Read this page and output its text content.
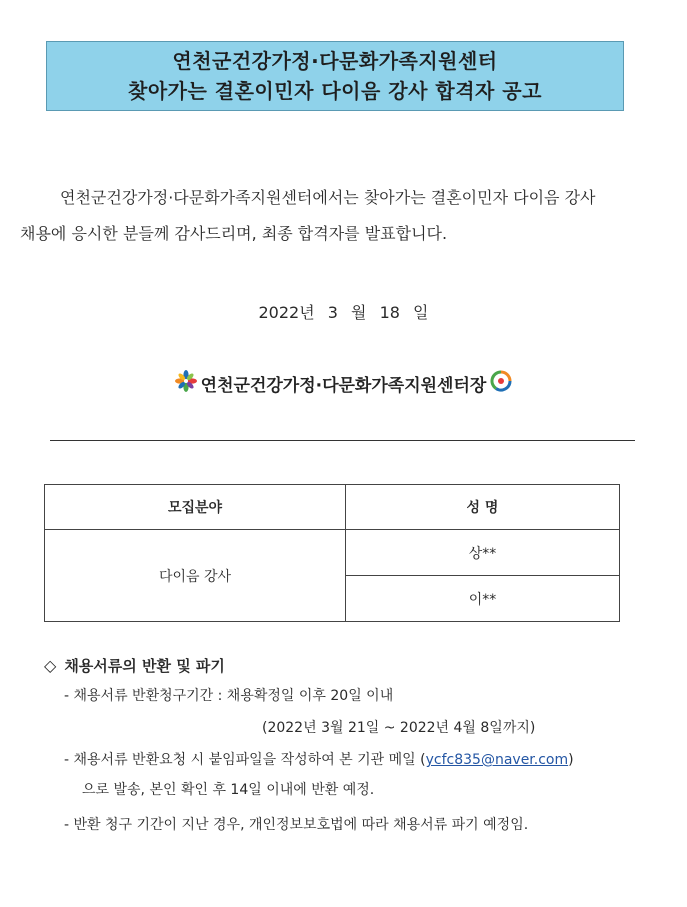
연천군건강가정·다문화가족지원센터
찾아가는 결혼이민자 다이음 강사 합격자 공고
연천군건강가정·다문화가족지원센터에서는 찾아가는 결혼이민자 다이음 강사
채용에 응시한 분들께 감사드리며, 최종 합격자를 발표합니다.
2022년 3 월 18 일
연천군건강가정·다문화가족지원센터장
모집분야	성 명
다이음 강사	상**
	이**
◇ 채용서류의 반환 및 파기
- 채용서류 반환청구기간 : 채용확정일 이후 20일 이내
(2022년 3월 21일 ~ 2022년 4월 8일까지)
- 채용서류 반환요청 시 붙임파일을 작성하여 본 기관 메일 (ycfc835@naver.com)
으로 발송, 본인 확인 후 14일 이내에 반환 예정.
- 반환 청구 기간이 지난 경우, 개인정보보호법에 따라 채용서류 파기 예정임.
